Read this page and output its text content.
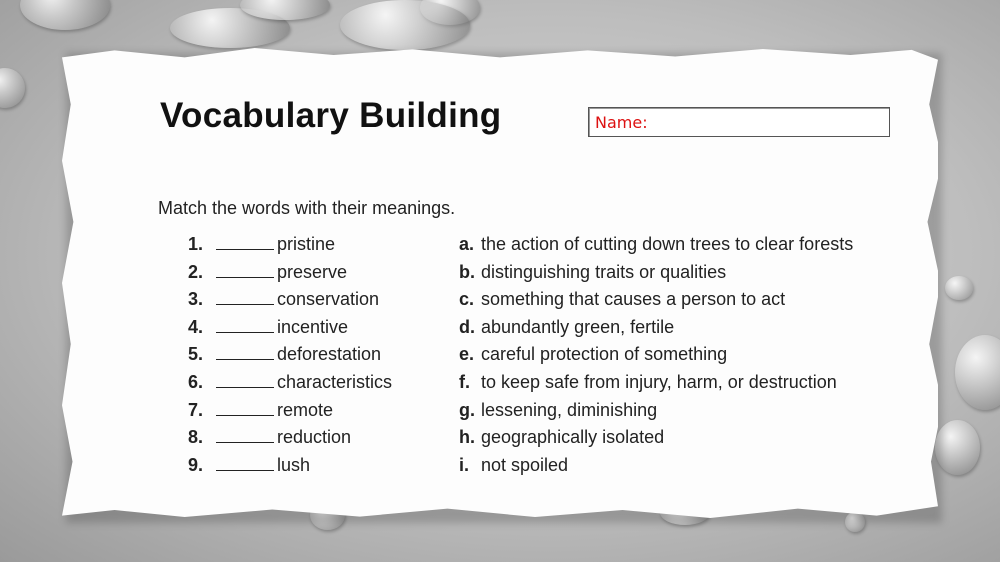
Vocabulary Building	Name:
Match the words with their meanings.
1.	pristine
2.	preserve
3.	conservation
4.	incentive
5.	deforestation
6.	characteristics
7.	remote
8.	reduction
9.	lush
a. the action of cutting down trees to clear forests
b. distinguishing traits or qualities
c. something that causes a person to act
d. abundantly green, fertile
e. careful protection of something
f. to keep safe from injury, harm, or destruction
g. lessening, diminishing
h. geographically isolated
i. not spoiled
